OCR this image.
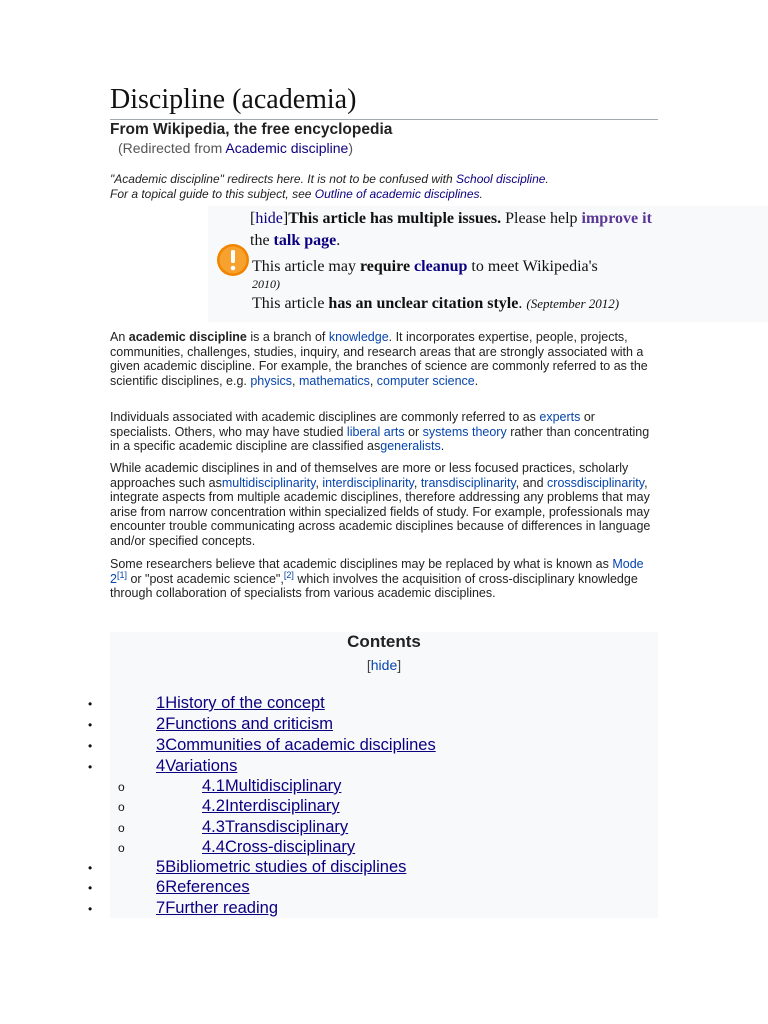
Discipline (academia)
From Wikipedia, the free encyclopedia
(Redirected from Academic discipline)
"Academic discipline" redirects here. It is not to be confused with School discipline.
For a topical guide to this subject, see Outline of academic disciplines.
[hide]This article has multiple issues. Please help improve it
the talk page.
This article may require cleanup to meet Wikipedia's
2010)
This article has an unclear citation style. (September 2012)

An academic discipline is a branch of knowledge. It incorporates expertise, people, projects, communities, challenges, studies, inquiry, and research areas that are strongly associated with a given academic discipline. For example, the branches of science are commonly referred to as the scientific disciplines, e.g. physics, mathematics, computer science.

Individuals associated with academic disciplines are commonly referred to as experts or specialists. Others, who may have studied liberal arts or systems theory rather than concentrating in a specific academic discipline are classified asgeneralists.

While academic disciplines in and of themselves are more or less focused practices, scholarly approaches such asmultidisciplinarity, interdisciplinarity, transdisciplinarity, and crossdisciplinarity, integrate aspects from multiple academic disciplines, therefore addressing any problems that may arise from narrow concentration within specialized fields of study. For example, professionals may encounter trouble communicating across academic disciplines because of differences in language and/or specified concepts.

Some researchers believe that academic disciplines may be replaced by what is known as Mode 2[1] or "post academic science",[2] which involves the acquisition of cross-disciplinary knowledge through collaboration of specialists from various academic disciplines.

Contents
[hide]
•	1History of the concept
•	2Functions and criticism
•	3Communities of academic disciplines
•	4Variations
o	4.1Multidisciplinary
o	4.2Interdisciplinary
o	4.3Transdisciplinary
o	4.4Cross-disciplinary
•	5Bibliometric studies of disciplines
•	6References
•	7Further reading
